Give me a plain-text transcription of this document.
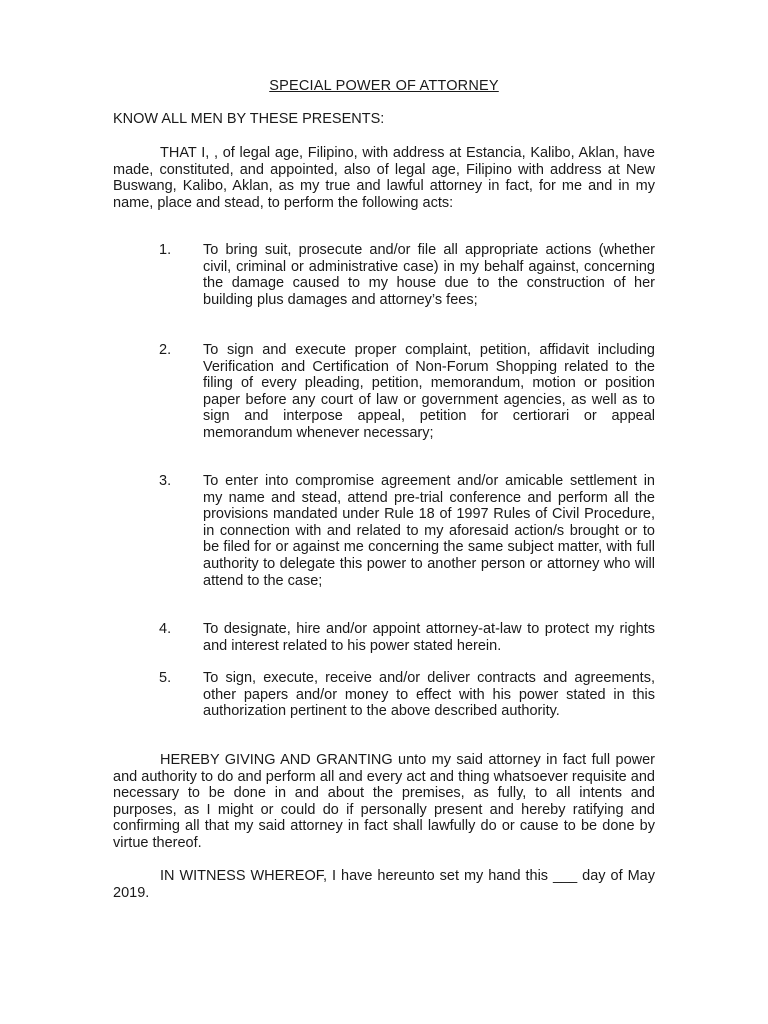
SPECIAL POWER OF ATTORNEY
KNOW ALL MEN BY THESE PRESENTS:
THAT I, , of legal age, Filipino, with address at Estancia, Kalibo, Aklan, have made, constituted, and appointed, also of legal age, Filipino with address at New Buswang, Kalibo, Aklan, as my true and lawful attorney in fact, for me and in my name, place and stead, to perform the following acts:
1. To bring suit, prosecute and/or file all appropriate actions (whether civil, criminal or administrative case) in my behalf against, concerning the damage caused to my house due to the construction of her building plus damages and attorney’s fees;
2. To sign and execute proper complaint, petition, affidavit including Verification and Certification of Non-Forum Shopping related to the filing of every pleading, petition, memorandum, motion or position paper before any court of law or government agencies, as well as to sign and interpose appeal, petition for certiorari or appeal memorandum whenever necessary;
3. To enter into compromise agreement and/or amicable settlement in my name and stead, attend pre-trial conference and perform all the provisions mandated under Rule 18 of 1997 Rules of Civil Procedure, in connection with and related to my aforesaid action/s brought or to be filed for or against me concerning the same subject matter, with full authority to delegate this power to another person or attorney who will attend to the case;
4. To designate, hire and/or appoint attorney-at-law to protect my rights and interest related to his power stated herein.
5. To sign, execute, receive and/or deliver contracts and agreements, other papers and/or money to effect with his power stated in this authorization pertinent to the above described authority.
HEREBY GIVING AND GRANTING unto my said attorney in fact full power and authority to do and perform all and every act and thing whatsoever requisite and necessary to be done in and about the premises, as fully, to all intents and purposes, as I might or could do if personally present and hereby ratifying and confirming all that my said attorney in fact shall lawfully do or cause to be done by virtue thereof.
IN WITNESS WHEREOF, I have hereunto set my hand this ___ day of May 2019.
